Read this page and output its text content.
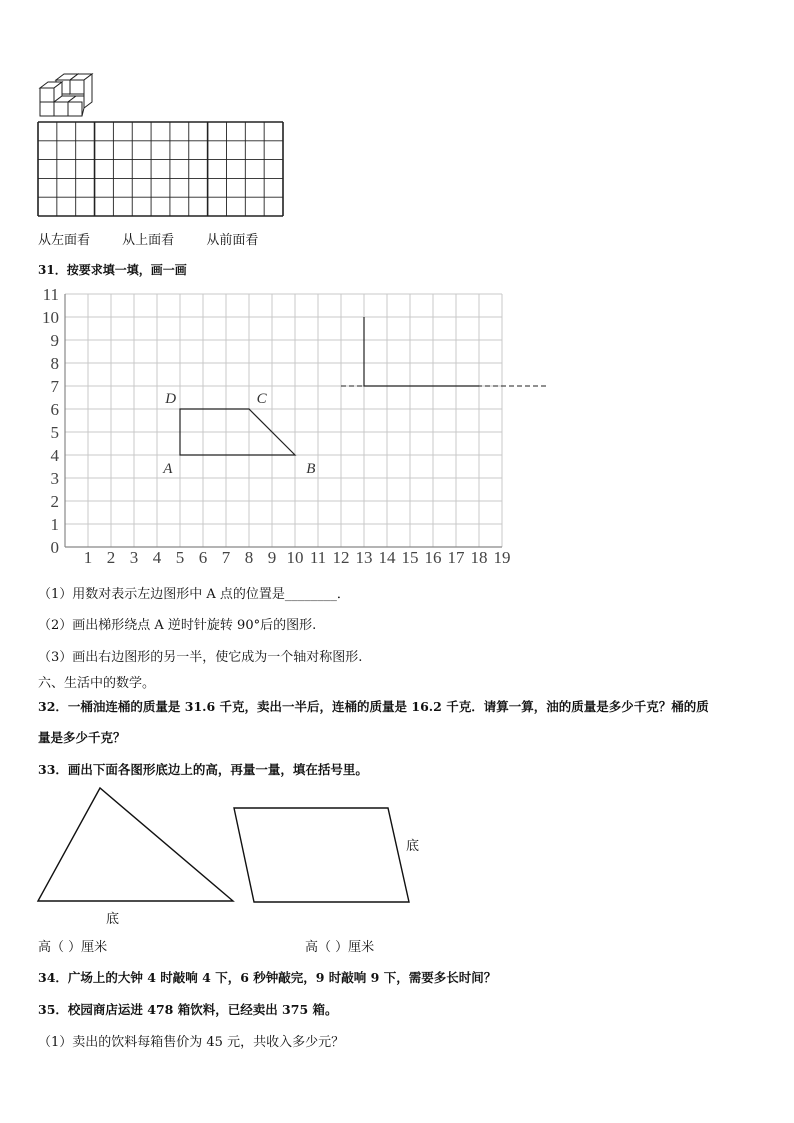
从左面看 从上面看 从前面看
31．按要求填一填，画一画
0
1
2
3
4
5
6
7
8
9
10
11
1 2 3 4 5 6 7 8 9 10 11 12 13 14 15 16 17 18 19
A	B
C
D
（1）用数对表示左边图形中 A 点的位置是________．
（2）画出梯形绕点 A 逆时针旋转 90°后的图形.
（3）画出右边图形的另一半，使它成为一个轴对称图形.
六、生活中的数学。
32．一桶油连桶的质量是 31.6 千克，卖出一半后，连桶的质量是 16.2 千克．请算一算，油的质量是多少千克？桶的质
量是多少千克？
33．画出下面各图形底边上的高，再量一量，填在括号里。
底
底
高（ ）厘米	高（ ）厘米
34．广场上的大钟 4 时敲响 4 下，6 秒钟敲完，9 时敲响 9 下，需要多长时间？
35．校园商店运进 478 箱饮料，已经卖出 375 箱。
（1）卖出的饮料每箱售价为 45 元，共收入多少元？
